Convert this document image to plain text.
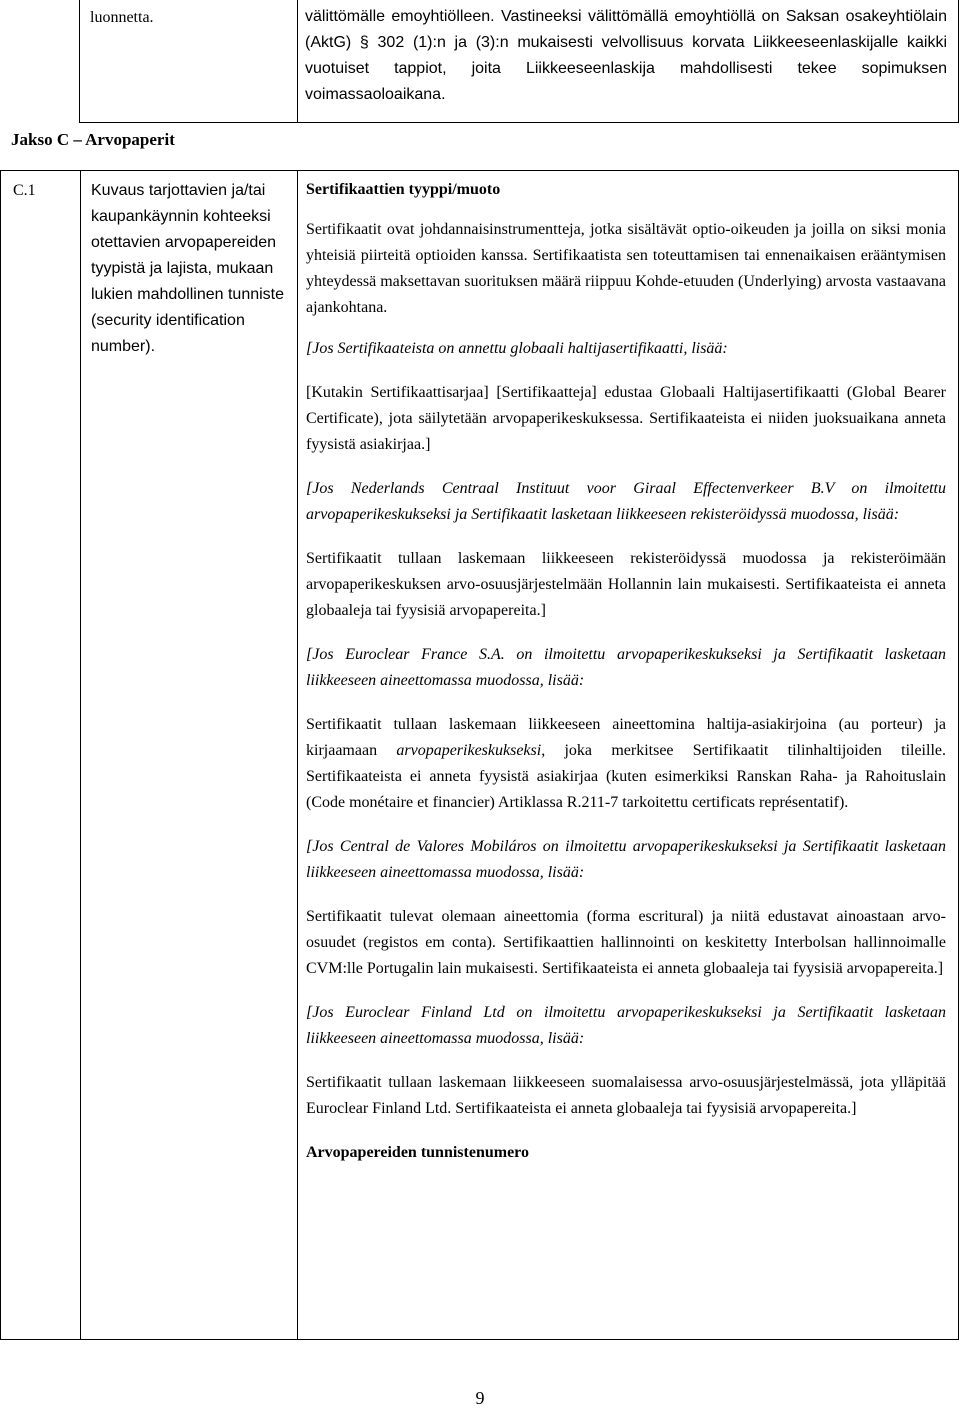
luonnetta.	välittömälle emoyhtiölleen. Vastineeksi välittömällä emoyhtiöllä on Saksan osakeyhtiölain (AktG) § 302 (1):n ja (3):n mukaisesti velvollisuus korvata Liikkeeseenlaskijalle kaikki vuotuiset tappiot, joita Liikkeeseenlaskija mahdollisesti tekee sopimuksen voimassaoloaikana.
Jakso C – Arvopaperit
C.1	Kuvaus tarjottavien ja/tai kaupankäynnin kohteeksi otettavien arvopapereiden tyypistä ja lajista, mukaan lukien mahdollinen tunniste (security identification number).

Sertifikaattien tyyppi/muoto

Sertifikaatit ovat johdannaisinstrumentteja, jotka sisältävät optio-oikeuden ja joilla on siksi monia yhteisiä piirteitä optioiden kanssa. Sertifikaatista sen toteuttamisen tai ennenaikaisen erääntymisen yhteydessä maksettavan suorituksen määrä riippuu Kohde-etuuden (Underlying) arvosta vastaavana ajankohtana.

[Jos Sertifikaateista on annettu globaali haltijasertifikaatti, lisää:

[Kutakin Sertifikaattisarjaa] [Sertifikaatteja] edustaa Globaali Haltijasertifikaatti (Global Bearer Certificate), jota säilytetään arvopaperikeskuksessa. Sertifikaateista ei niiden juoksuaikana anneta fyysistä asiakirjaa.]

[Jos Nederlands Centraal Instituut voor Giraal Effectenverkeer B.V on ilmoitettu arvopaperikeskukseksi ja Sertifikaatit lasketaan liikkeeseen rekisteröidyssä muodossa, lisää:

Sertifikaatit tullaan laskemaan liikkeeseen rekisteröidyssä muodossa ja rekisteröimään arvopaperikeskuksen arvo-osuusjärjestelmään Hollannin lain mukaisesti. Sertifikaateista ei anneta globaaleja tai fyysisiä arvopapereita.]

[Jos Euroclear France S.A. on ilmoitettu arvopaperikeskukseksi ja Sertifikaatit lasketaan liikkeeseen aineettomassa muodossa, lisää:

Sertifikaatit tullaan laskemaan liikkeeseen aineettomina haltija-asiakirjoina (au porteur) ja kirjaamaan arvopaperikeskukseksi, joka merkitsee Sertifikaatit tilinhaltijoiden tileille. Sertifikaateista ei anneta fyysistä asiakirjaa (kuten esimerkiksi Ranskan Raha- ja Rahoituslain (Code monétaire et financier) Artiklassa R.211-7 tarkoitettu certificats représentatif).

[Jos Central de Valores Mobiláros on ilmoitettu arvopaperikeskukseksi ja Sertifikaatit lasketaan liikkeeseen aineettomassa muodossa, lisää:

Sertifikaatit tulevat olemaan aineettomia (forma escritural) ja niitä edustavat ainoastaan arvo-osuudet (registos em conta). Sertifikaattien hallinnointi on keskitetty Interbolsan hallinnoimalle CVM:lle Portugalin lain mukaisesti. Sertifikaateista ei anneta globaaleja tai fyysisiä arvopapereita.]

[Jos Euroclear Finland Ltd on ilmoitettu arvopaperikeskukseksi ja Sertifikaatit lasketaan liikkeeseen aineettomassa muodossa, lisää:

Sertifikaatit tullaan laskemaan liikkeeseen suomalaisessa arvo-osuusjärjestelmässä, jota ylläpitää Euroclear Finland Ltd. Sertifikaateista ei anneta globaaleja tai fyysisiä arvopapereita.]

Arvopapereiden tunnistenumero

9
